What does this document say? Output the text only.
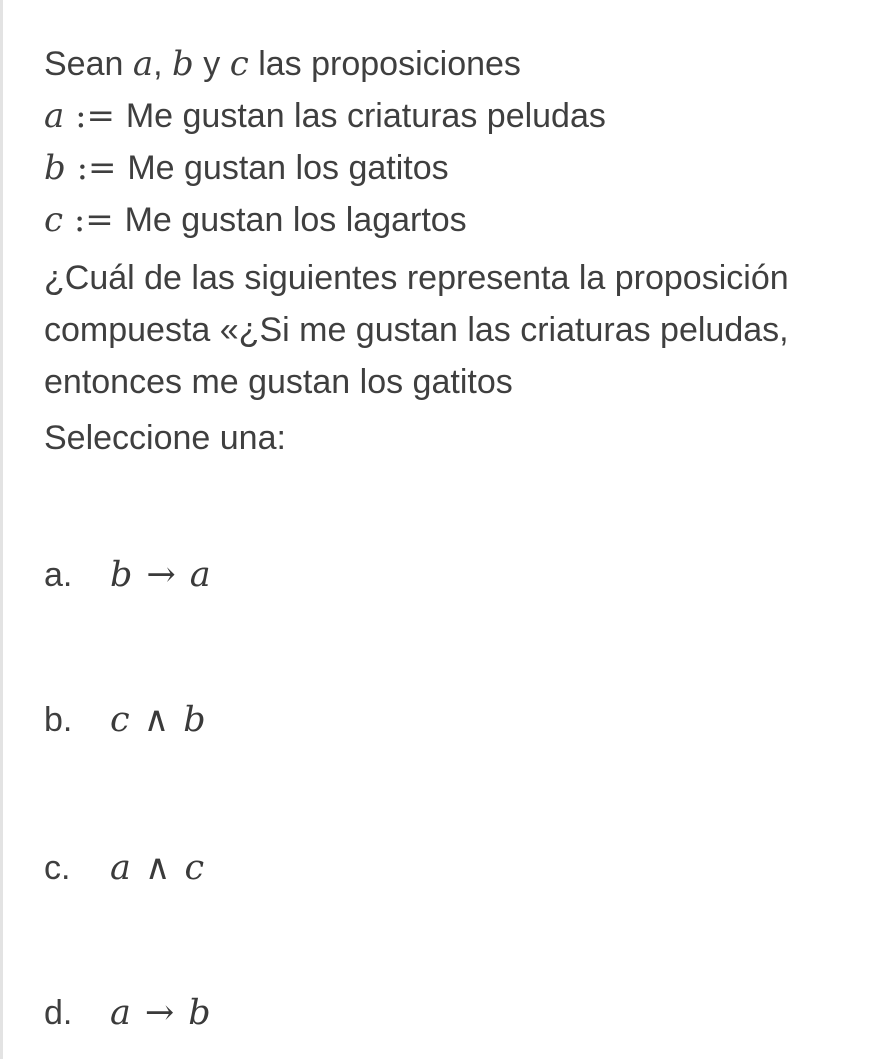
Sean a, b y c las proposiciones
a := Me gustan las criaturas peludas
b := Me gustan los gatitos
c := Me gustan los lagartos
¿Cuál de las siguientes representa la proposición
compuesta «¿Si me gustan las criaturas peludas,
entonces me gustan los gatitos
Seleccione una:
a.	b → a
b.	c ∧ b
c.	a ∧ c
d.	a → b
